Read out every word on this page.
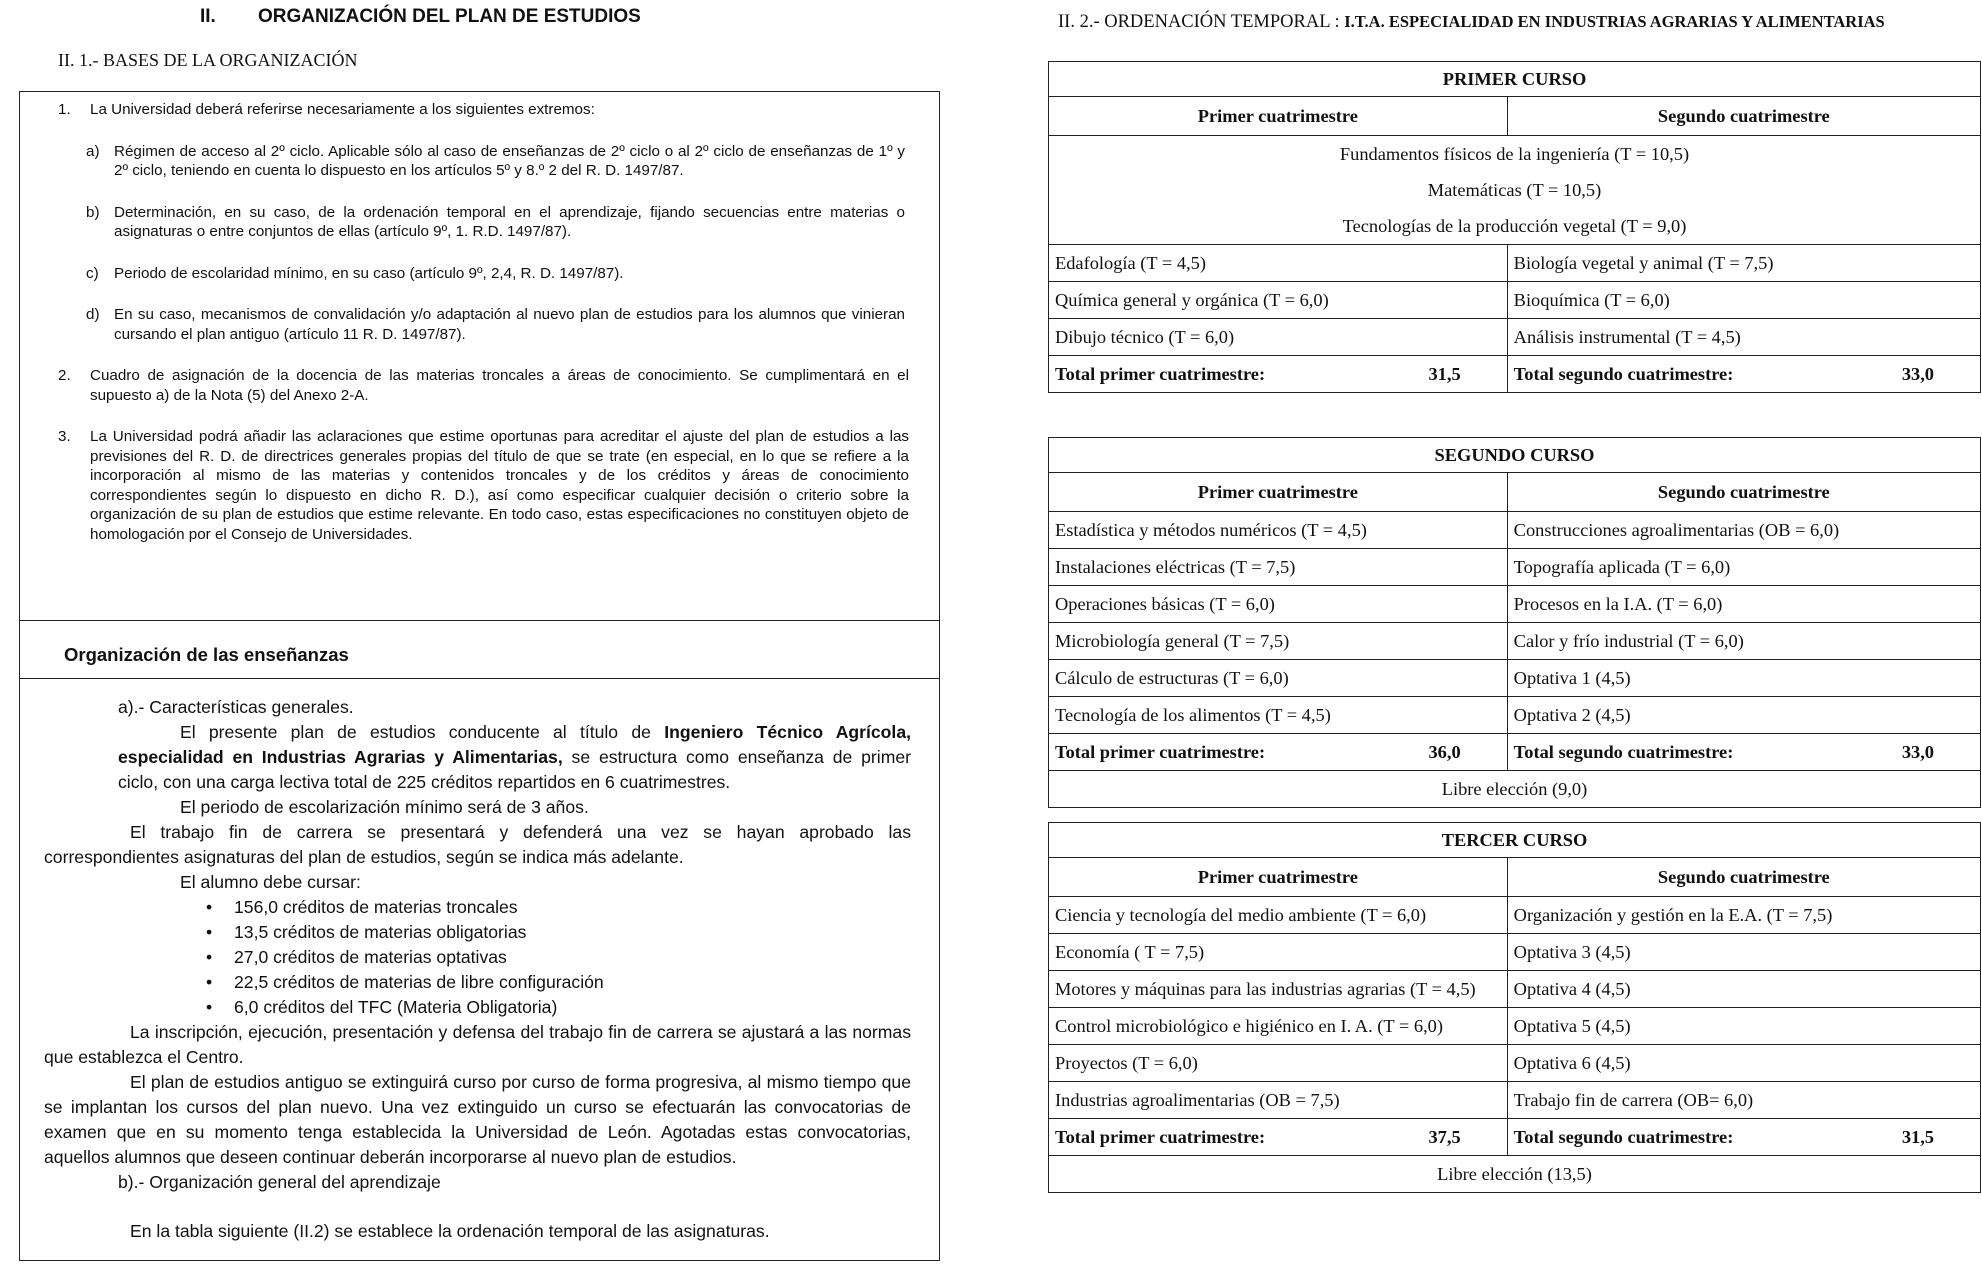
II. ORGANIZACIÓN DEL PLAN DE ESTUDIOS
II. 1.- BASES DE LA ORGANIZACIÓN
1. La Universidad deberá referirse necesariamente a los siguientes extremos:
a) Régimen de acceso al 2º ciclo. Aplicable sólo al caso de enseñanzas de 2º ciclo o al 2º ciclo de enseñanzas de 1º y 2º ciclo, teniendo en cuenta lo dispuesto en los artículos 5º y 8.º 2 del R. D. 1497/87.
b) Determinación, en su caso, de la ordenación temporal en el aprendizaje, fijando secuencias entre materias o asignaturas o entre conjuntos de ellas (artículo 9º, 1. R.D. 1497/87).
c) Periodo de escolaridad mínimo, en su caso (artículo 9º, 2,4, R. D. 1497/87).
d) En su caso, mecanismos de convalidación y/o adaptación al nuevo plan de estudios para los alumnos que vinieran cursando el plan antiguo (artículo 11 R. D. 1497/87).
2. Cuadro de asignación de la docencia de las materias troncales a áreas de conocimiento. Se cumplimentará en el supuesto a) de la Nota (5) del Anexo 2-A.
3. La Universidad podrá añadir las aclaraciones que estime oportunas para acreditar el ajuste del plan de estudios a las previsiones del R. D. de directrices generales propias del título de que se trate (en especial, en lo que se refiere a la incorporación al mismo de las materias y contenidos troncales y de los créditos y áreas de conocimiento correspondientes según lo dispuesto en dicho R. D.), así como especificar cualquier decisión o criterio sobre la organización de su plan de estudios que estime relevante. En todo caso, estas especificaciones no constituyen objeto de homologación por el Consejo de Universidades.
Organización de las enseñanzas
a).- Características generales.
El presente plan de estudios conducente al título de Ingeniero Técnico Agrícola, especialidad en Industrias Agrarias y Alimentarias, se estructura como enseñanza de primer ciclo, con una carga lectiva total de 225 créditos repartidos en 6 cuatrimestres.
El periodo de escolarización mínimo será de 3 años.
El trabajo fin de carrera se presentará y defenderá una vez se hayan aprobado las correspondientes asignaturas del plan de estudios, según se indica más adelante.
El alumno debe cursar:
• 156,0 créditos de materias troncales
• 13,5 créditos de materias obligatorias
• 27,0 créditos de materias optativas
• 22,5 créditos de materias de libre configuración
• 6,0 créditos del TFC (Materia Obligatoria)
La inscripción, ejecución, presentación y defensa del trabajo fin de carrera se ajustará a las normas que establezca el Centro.
El plan de estudios antiguo se extinguirá curso por curso de forma progresiva, al mismo tiempo que se implantan los cursos del plan nuevo. Una vez extinguido un curso se efectuarán las convocatorias de examen que en su momento tenga establecida la Universidad de León. Agotadas estas convocatorias, aquellos alumnos que deseen continuar deberán incorporarse al nuevo plan de estudios.
b).- Organización general del aprendizaje
En la tabla siguiente (II.2) se establece la ordenación temporal de las asignaturas.
II. 2.- ORDENACIÓN TEMPORAL : I.T.A. ESPECIALIDAD EN INDUSTRIAS AGRARIAS Y ALIMENTARIAS
PRIMER CURSO	
Primer cuatrimestre	Segundo cuatrimestre
Fundamentos físicos de la ingeniería (T = 10,5)	
Matemáticas (T = 10,5)	
Tecnologías de la producción vegetal (T = 9,0)	
Edafología (T = 4,5)	Biología vegetal y animal (T = 7,5)
Química general y orgánica (T = 6,0)	Bioquímica (T = 6,0)
Dibujo técnico (T = 6,0)	Análisis instrumental (T = 4,5)

Total primer cuatrimestre: 31,5	Total segundo cuatrimestre: 33,0
SEGUNDO CURSO	
Primer cuatrimestre	Segundo cuatrimestre
Estadística y métodos numéricos (T = 4,5)	Construcciones agroalimentarias (OB = 6,0)
Instalaciones eléctricas (T = 7,5)	Topografía aplicada (T = 6,0)
Operaciones básicas (T = 6,0)	Procesos en la I.A. (T = 6,0)
Microbiología general (T = 7,5)	Calor y frío industrial (T = 6,0)
Cálculo de estructuras (T = 6,0)	Optativa 1 (4,5)
Tecnología de los alimentos (T = 4,5)	Optativa 2 (4,5)

Total primer cuatrimestre: 36,0	Total segundo cuatrimestre: 33,0

Libre elección (9,0)	
TERCER CURSO	
Primer cuatrimestre	Segundo cuatrimestre
Ciencia y tecnología del medio ambiente (T = 6,0)	Organización y gestión en la E.A. (T = 7,5)
Economía ( T = 7,5)	Optativa 3 (4,5)
Motores y máquinas para las industrias agrarias (T = 4,5)	Optativa 4 (4,5)
Control microbiológico e higiénico en I. A. (T = 6,0)	Optativa 5 (4,5)
Proyectos (T = 6,0)	Optativa 6 (4,5)
Industrias agroalimentarias (OB = 7,5)	Trabajo fin de carrera (OB= 6,0)

Total primer cuatrimestre: 37,5	Total segundo cuatrimestre: 31,5

Libre elección (13,5)	
